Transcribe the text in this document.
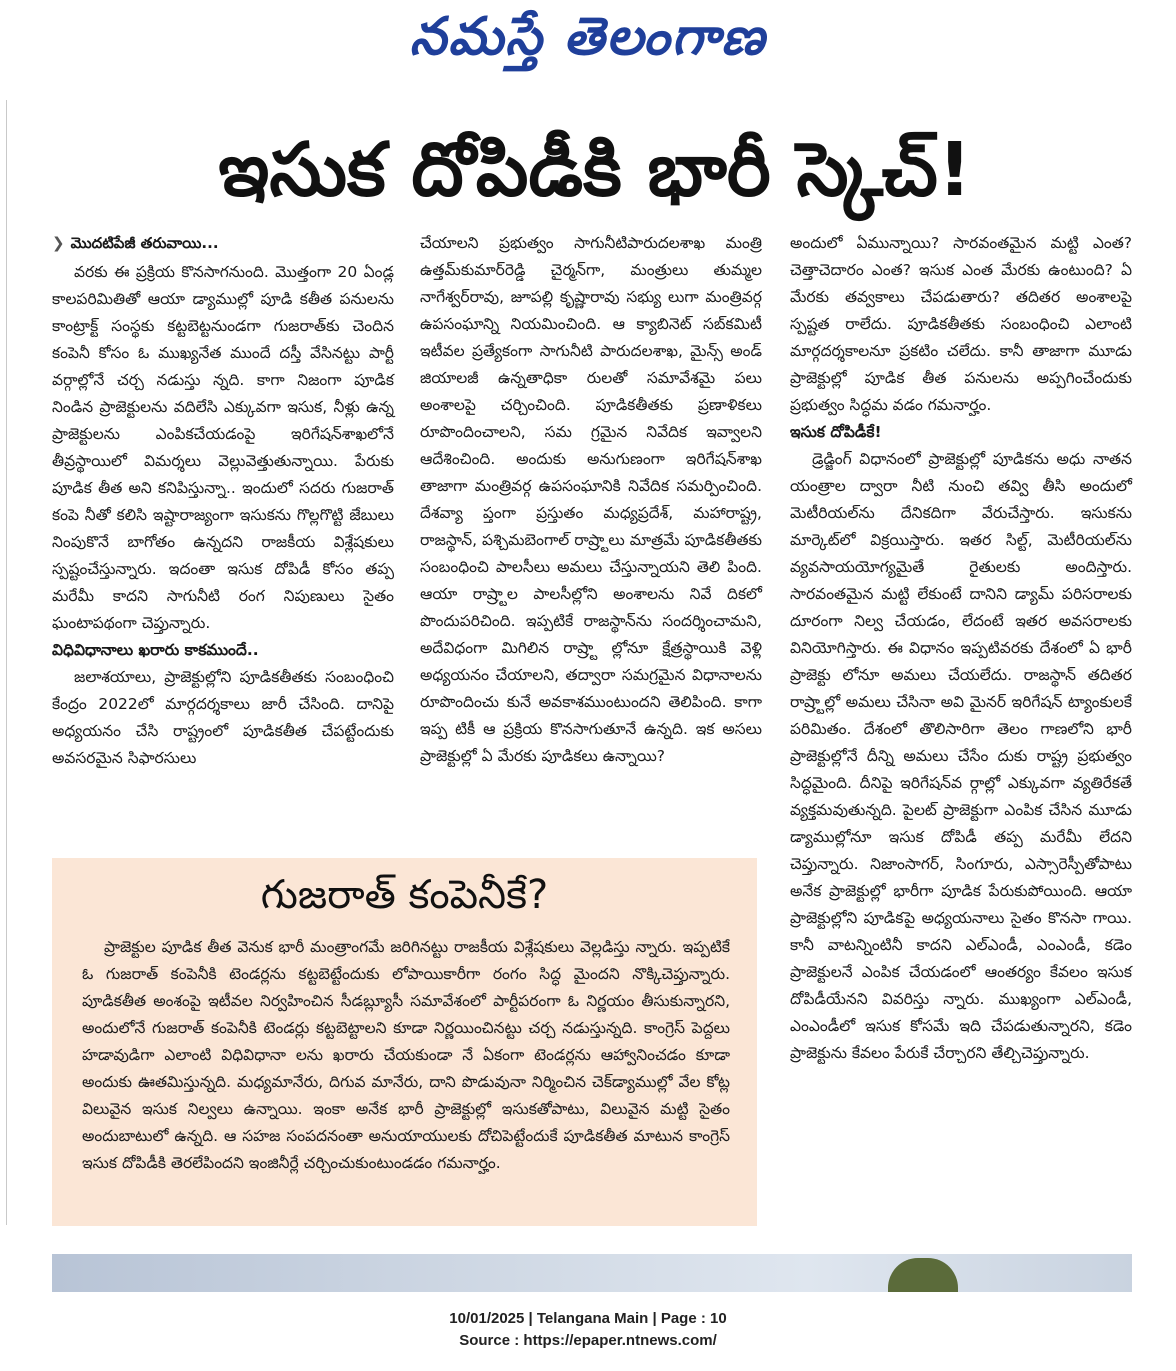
నమస్తే తెలంగాణ
ఇసుక దోపిడీకి భారీ స్కెచ్!
❯ మొదటిపేజీ తరువాయి...

వరకు ఈ ప్రక్రియ కొనసాగనుంది. మొత్తంగా 20 ఏండ్ల కాలపరిమితితో ఆయా డ్యాముల్లో పూడి కతీత పనులను కాంట్రాక్ట్ సంస్థకు కట్టబెట్టనుండగా గుజరాత్‌కు చెందిన కంపెనీ కోసం ఓ ముఖ్యనేత ముందే దస్తీ వేసినట్టు పార్టీ వర్గాల్లోనే చర్చ నడుస్తు న్నది. కాగా నిజంగా పూడిక నిండిన ప్రాజెక్టులను వదిలేసి ఎక్కువగా ఇసుక, నీళ్లు ఉన్న ప్రాజెక్టులను ఎంపికచేయడంపై ఇరిగేషన్‌శాఖలోనే తీవ్రస్థాయిలో విమర్శలు వెల్లువెత్తుతున్నాయి. పేరుకు పూడిక తీత అని కనిపిస్తున్నా.. ఇందులో సదరు గుజరాత్ కంపె నీతో కలిసి ఇష్టారాజ్యంగా ఇసుకను గొల్లగొట్టి జేబులు నింపుకొనే బాగోతం ఉన్నదని రాజకీయ విశ్లేషకులు స్పష్టంచేస్తున్నారు. ఇదంతా ఇసుక దోపిడీ కోసం తప్ప మరేమీ కాదని సాగునీటి రంగ నిపుణులు సైతం ఘంటాపథంగా చెప్తున్నారు.

విధివిధానాలు ఖరారు కాకముందే..

జలాశయాలు, ప్రాజెక్టుల్లోని పూడికతీతకు సంబంధించి కేంద్రం 2022లో మార్గదర్శకాలు జారీ చేసింది. దానిపై అధ్యయనం చేసి రాష్ట్రంలో పూడికతీత చేపట్టేందుకు అవసరమైన సిఫారసులు

చేయాలని ప్రభుత్వం సాగునీటిపారుదలశాఖ మంత్రి ఉత్తమ్‌కుమార్‌రెడ్డి చైర్మన్‌గా, మంత్రులు తుమ్మల నాగేశ్వర్‌రావు, జూపల్లి కృష్ణారావు సభ్యు లుగా మంత్రివర్గ ఉపసంఘాన్ని నియమించింది. ఆ క్యాబినెట్ సబ్‌కమిటీ ఇటీవల ప్రత్యేకంగా సాగునీటి పారుదలశాఖ, మైన్స్ అండ్ జియాలజీ ఉన్నతాధికా రులతో సమావేశమై పలు అంశాలపై చర్చించింది. పూడికతీతకు ప్రణాళికలు రూపొందించాలని, సమ గ్రమైన నివేదిక ఇవ్వాలని ఆదేశించింది. అందుకు అనుగుణంగా ఇరిగేషన్‌శాఖ తాజాగా మంత్రివర్గ ఉపసంఘానికి నివేదిక సమర్పించింది. దేశవ్యా ప్తంగా ప్రస్తుతం మధ్యప్రదేశ్, మహారాష్ట్ర, రాజస్థాన్, పశ్చిమబెంగాల్ రాష్ర్టాలు మాత్రమే పూడికతీతకు సంబంధించి పాలసీలు అమలు చేస్తున్నాయని తెలి పింది. ఆయా రాష్ర్టాల పాలసీల్లోని అంశాలను నివే దికలో పొందుపరిచింది. ఇప్పటికే రాజస్థాన్‌ను సందర్శించామని, అదేవిధంగా మిగిలిన రాష్ర్టా ల్లోనూ క్షేత్రస్థాయికి వెళ్లి అధ్యయనం చేయాలని, తద్వారా సమగ్రమైన విధానాలను రూపొందించు కునే అవకాశముంటుందని తెలిపింది. కాగా ఇప్ప టికీ ఆ ప్రక్రియ కొనసాగుతూనే ఉన్నది. ఇక అసలు ప్రాజెక్టుల్లో ఏ మేరకు పూడికలు ఉన్నాయి?

అందులో ఏమున్నాయి? సారవంతమైన మట్టి ఎంత? చెత్తాచెదారం ఎంత? ఇసుక ఎంత మేరకు ఉంటుంది? ఏ మేరకు తవ్వకాలు చేపడుతారు? తదితర అంశాలపై స్పష్టత రాలేదు. పూడికతీతకు సంబంధించి ఎలాంటి మార్గదర్శకాలనూ ప్రకటిం చలేదు. కానీ తాజాగా మూడు ప్రాజెక్టుల్లో పూడిక తీత పనులను అప్పగించేందుకు ప్రభుత్వం సిద్ధమ వడం గమనార్హం.

ఇసుక దోపిడీకే!

డ్రెడ్జింగ్ విధానంలో ప్రాజెక్టుల్లో పూడికను అధు నాతన యంత్రాల ద్వారా నీటి నుంచి తవ్వి తీసి అందులో మెటీరియల్‌ను దేనికదిగా వేరుచేస్తారు. ఇసుకను మార్కెట్‌లో విక్రయిస్తారు. ఇతర సిల్ట్, మెటీరియల్‌ను వ్యవసాయయోగ్యమైతే రైతులకు అందిస్తారు. సారవంతమైన మట్టి లేకుంటే దానిని డ్యామ్ పరిసరాలకు దూరంగా నిల్వ చేయడం, లేదంటే ఇతర అవసరాలకు వినియోగిస్తారు. ఈ విధానం ఇప్పటివరకు దేశంలో ఏ భారీ ప్రాజెక్టు లోనూ అమలు చేయలేదు. రాజస్థాన్ తదితర రాష్ర్టాల్లో అమలు చేసినా అవి మైనర్ ఇరిగేషన్ ట్యాంకులకే పరిమితం. దేశంలో తొలిసారిగా తెలం గాణలోని భారీ ప్రాజెక్టుల్లోనే దీన్ని అమలు చేసేం దుకు రాష్ట్ర ప్రభుత్వం సిద్ధమైంది. దీనిపై ఇరిగేషన్‌వ ర్గాల్లో ఎక్కువగా వ్యతిరేకతే వ్యక్తమవుతున్నది. పైలట్ ప్రాజెక్టుగా ఎంపిక చేసిన మూడు డ్యాముల్లోనూ ఇసుక దోపిడీ తప్ప మరేమీ లేదని చెప్తున్నారు. నిజాంసాగర్, సింగూరు, ఎస్సారెస్పీతోపాటు అనేక ప్రాజెక్టుల్లో భారీగా పూడిక పేరుకుపోయింది. ఆయా ప్రాజెక్టుల్లోని పూడికపై అధ్యయనాలు సైతం కొనసా గాయి. కానీ వాటన్నింటినీ కాదని ఎల్‌ఎండీ, ఎంఎండీ, కడెం ప్రాజెక్టులనే ఎంపిక చేయడంలో ఆంతర్యం కేవలం ఇసుక దోపిడీయేనని వివరిస్తు న్నారు. ముఖ్యంగా ఎల్‌ఎండీ, ఎంఎండీలో ఇసుక కోసమే ఇది చేపడుతున్నారని, కడెం ప్రాజెక్టును కేవలం పేరుకే చేర్చారని తేల్చిచెప్తున్నారు.

గుజరాత్ కంపెనీకే?

ప్రాజెక్టుల పూడిక తీత వెనుక భారీ మంత్రాంగమే జరిగినట్టు రాజకీయ విశ్లేషకులు వెల్లడిస్తు న్నారు. ఇప్పటికే ఓ గుజరాత్ కంపెనీకి టెండర్లను కట్టబెట్టేందుకు లోపాయికారీగా రంగం సిద్ధ మైందని నొక్కిచెప్తున్నారు. పూడికతీత అంశంపై ఇటీవల నిర్వహించిన సీడబ్ల్యూసీ సమావేశంలో పార్టీపరంగా ఓ నిర్ణయం తీసుకున్నారని, అందులోనే గుజరాత్ కంపెనీకి టెండర్లు కట్టబెట్టాలని కూడా నిర్ణయించినట్టు చర్చ నడుస్తున్నది. కాంగ్రెస్ పెద్దలు హడావుడిగా ఎలాంటి విధివిధానా లను ఖరారు చేయకుండా నే ఏకంగా టెండర్లను ఆహ్వానించడం కూడా అందుకు ఊతమిస్తున్నది. మధ్యమానేరు, దిగువ మానేరు, దాని పొడువునా నిర్మించిన చెక్‌డ్యాముల్లో వేల కోట్ల విలువైన ఇసుక నిల్వలు ఉన్నాయి. ఇంకా అనేక భారీ ప్రాజెక్టుల్లో ఇసుకతోపాటు, విలువైన మట్టి సైతం అందుబాటులో ఉన్నది. ఆ సహజ సంపదనంతా అనుయాయులకు దోచిపెట్టేందుకే పూడికతీత మాటున కాంగ్రెస్ ఇసుక దోపిడీకి తెరలేపిందని ఇంజినీర్లే చర్చించుకుంటుండడం గమనార్హం.

10/01/2025 | Telangana Main | Page : 10
Source : https://epaper.ntnews.com/
